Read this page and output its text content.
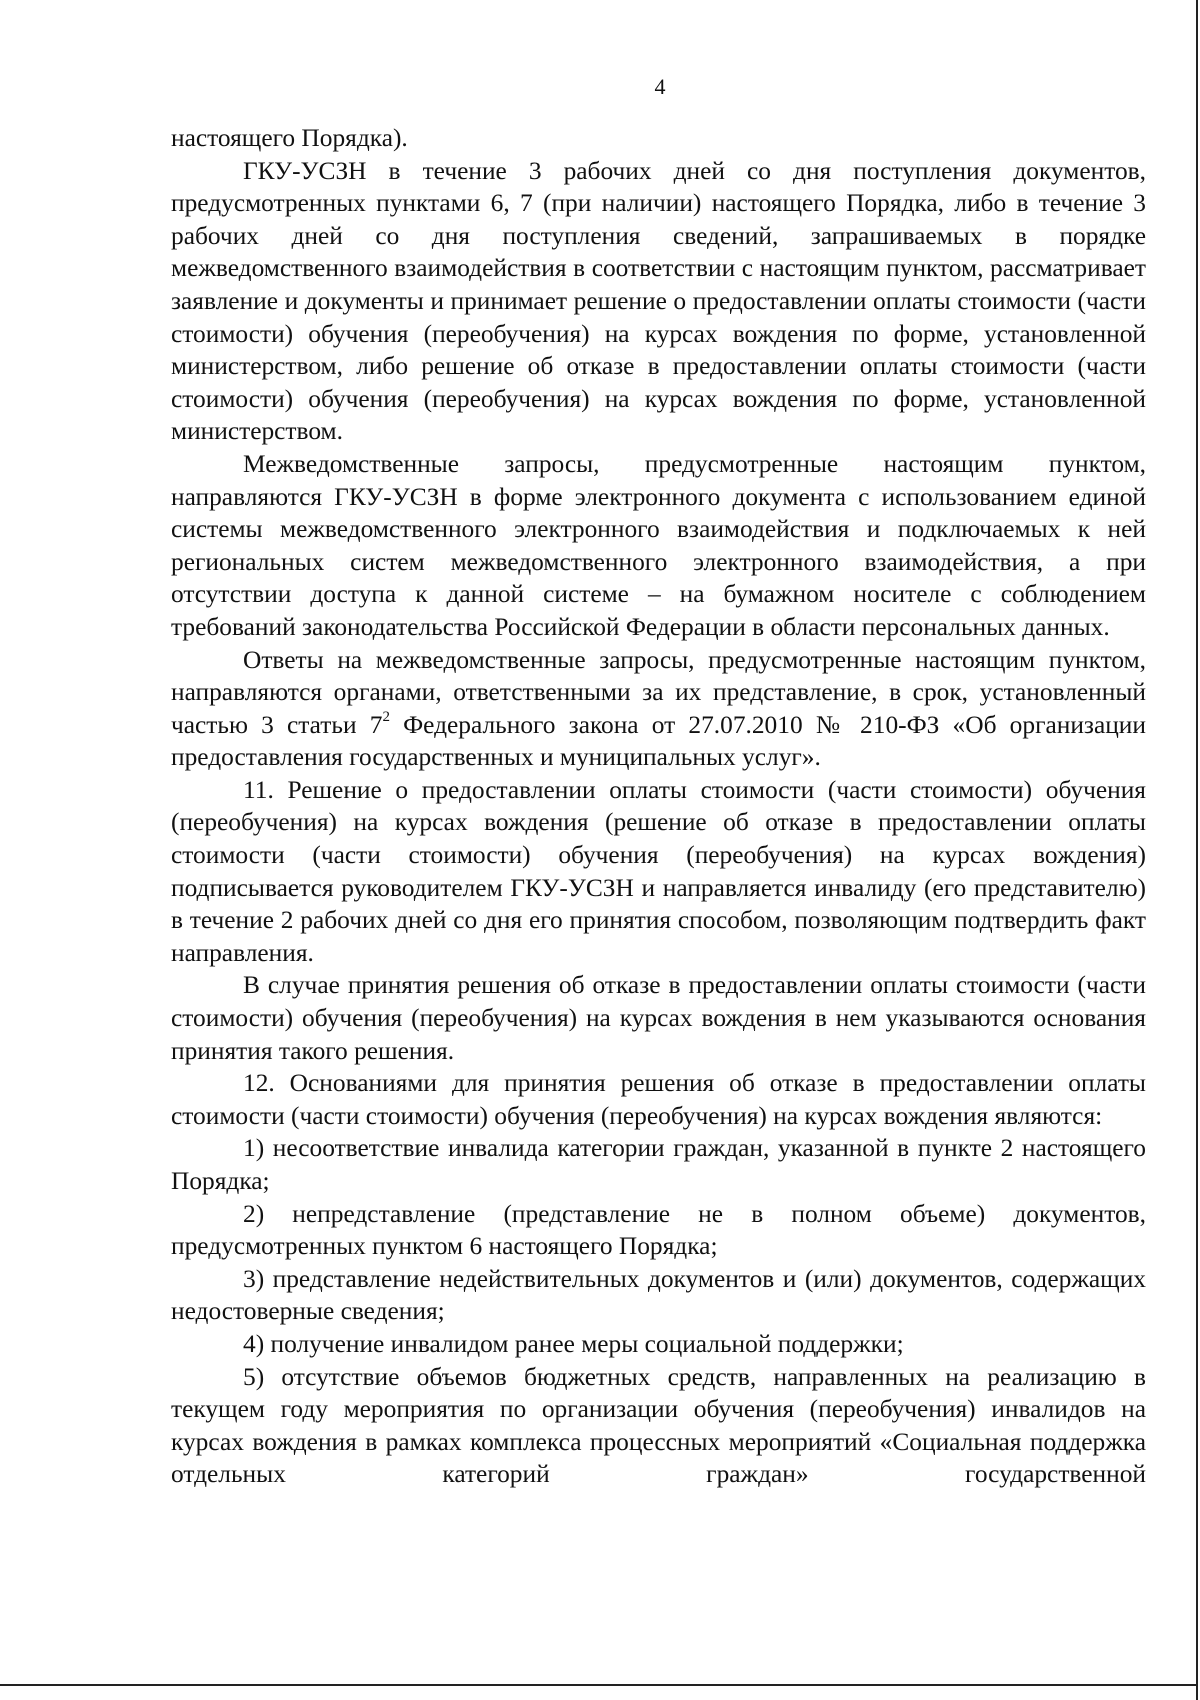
4

настоящего Порядка).

ГКУ-УСЗН в течение 3 рабочих дней со дня поступления документов, предусмотренных пунктами 6, 7 (при наличии) настоящего Порядка, либо в течение 3 рабочих дней со дня поступления сведений, запрашиваемых в порядке межведомственного взаимодействия в соответствии с настоящим пунктом, рассматривает заявление и документы и принимает решение о предоставлении оплаты стоимости (части стоимости) обучения (переобучения) на курсах вождения по форме, установленной министерством, либо решение об отказе в предоставлении оплаты стоимости (части стоимости) обучения (переобучения) на курсах вождения по форме, установленной министерством.

Межведомственные запросы, предусмотренные настоящим пунктом, направляются ГКУ-УСЗН в форме электронного документа с использованием единой системы межведомственного электронного взаимодействия и подключаемых к ней региональных систем межведомственного электронного взаимодействия, а при отсутствии доступа к данной системе – на бумажном носителе с соблюдением требований законодательства Российской Федерации в области персональных данных.

Ответы на межведомственные запросы, предусмотренные настоящим пунктом, направляются органами, ответственными за их представление, в срок, установленный частью 3 статьи $7^2$ Федерального закона от 27.07.2010 № 210-ФЗ «Об организации предоставления государственных и муниципальных услуг».

11. Решение о предоставлении оплаты стоимости (части стоимости) обучения (переобучения) на курсах вождения (решение об отказе в предоставлении оплаты стоимости (части стоимости) обучения (переобучения) на курсах вождения) подписывается руководителем ГКУ-УСЗН и направляется инвалиду (его представителю) в течение 2 рабочих дней со дня его принятия способом, позволяющим подтвердить факт направления.

В случае принятия решения об отказе в предоставлении оплаты стоимости (части стоимости) обучения (переобучения) на курсах вождения в нем указываются основания принятия такого решения.

12. Основаниями для принятия решения об отказе в предоставлении оплаты стоимости (части стоимости) обучения (переобучения) на курсах вождения являются:

1) несоответствие инвалида категории граждан, указанной в пункте 2 настоящего Порядка;

2) непредставление (представление не в полном объеме) документов, предусмотренных пунктом 6 настоящего Порядка;

3) представление недействительных документов и (или) документов, содержащих недостоверные сведения;

4) получение инвалидом ранее меры социальной поддержки;

5) отсутствие объемов бюджетных средств, направленных на реализацию в текущем году мероприятия по организации обучения (переобучения) инвалидов на курсах вождения в рамках комплекса процессных мероприятий «Социальная поддержка отдельных категорий граждан» государственной
